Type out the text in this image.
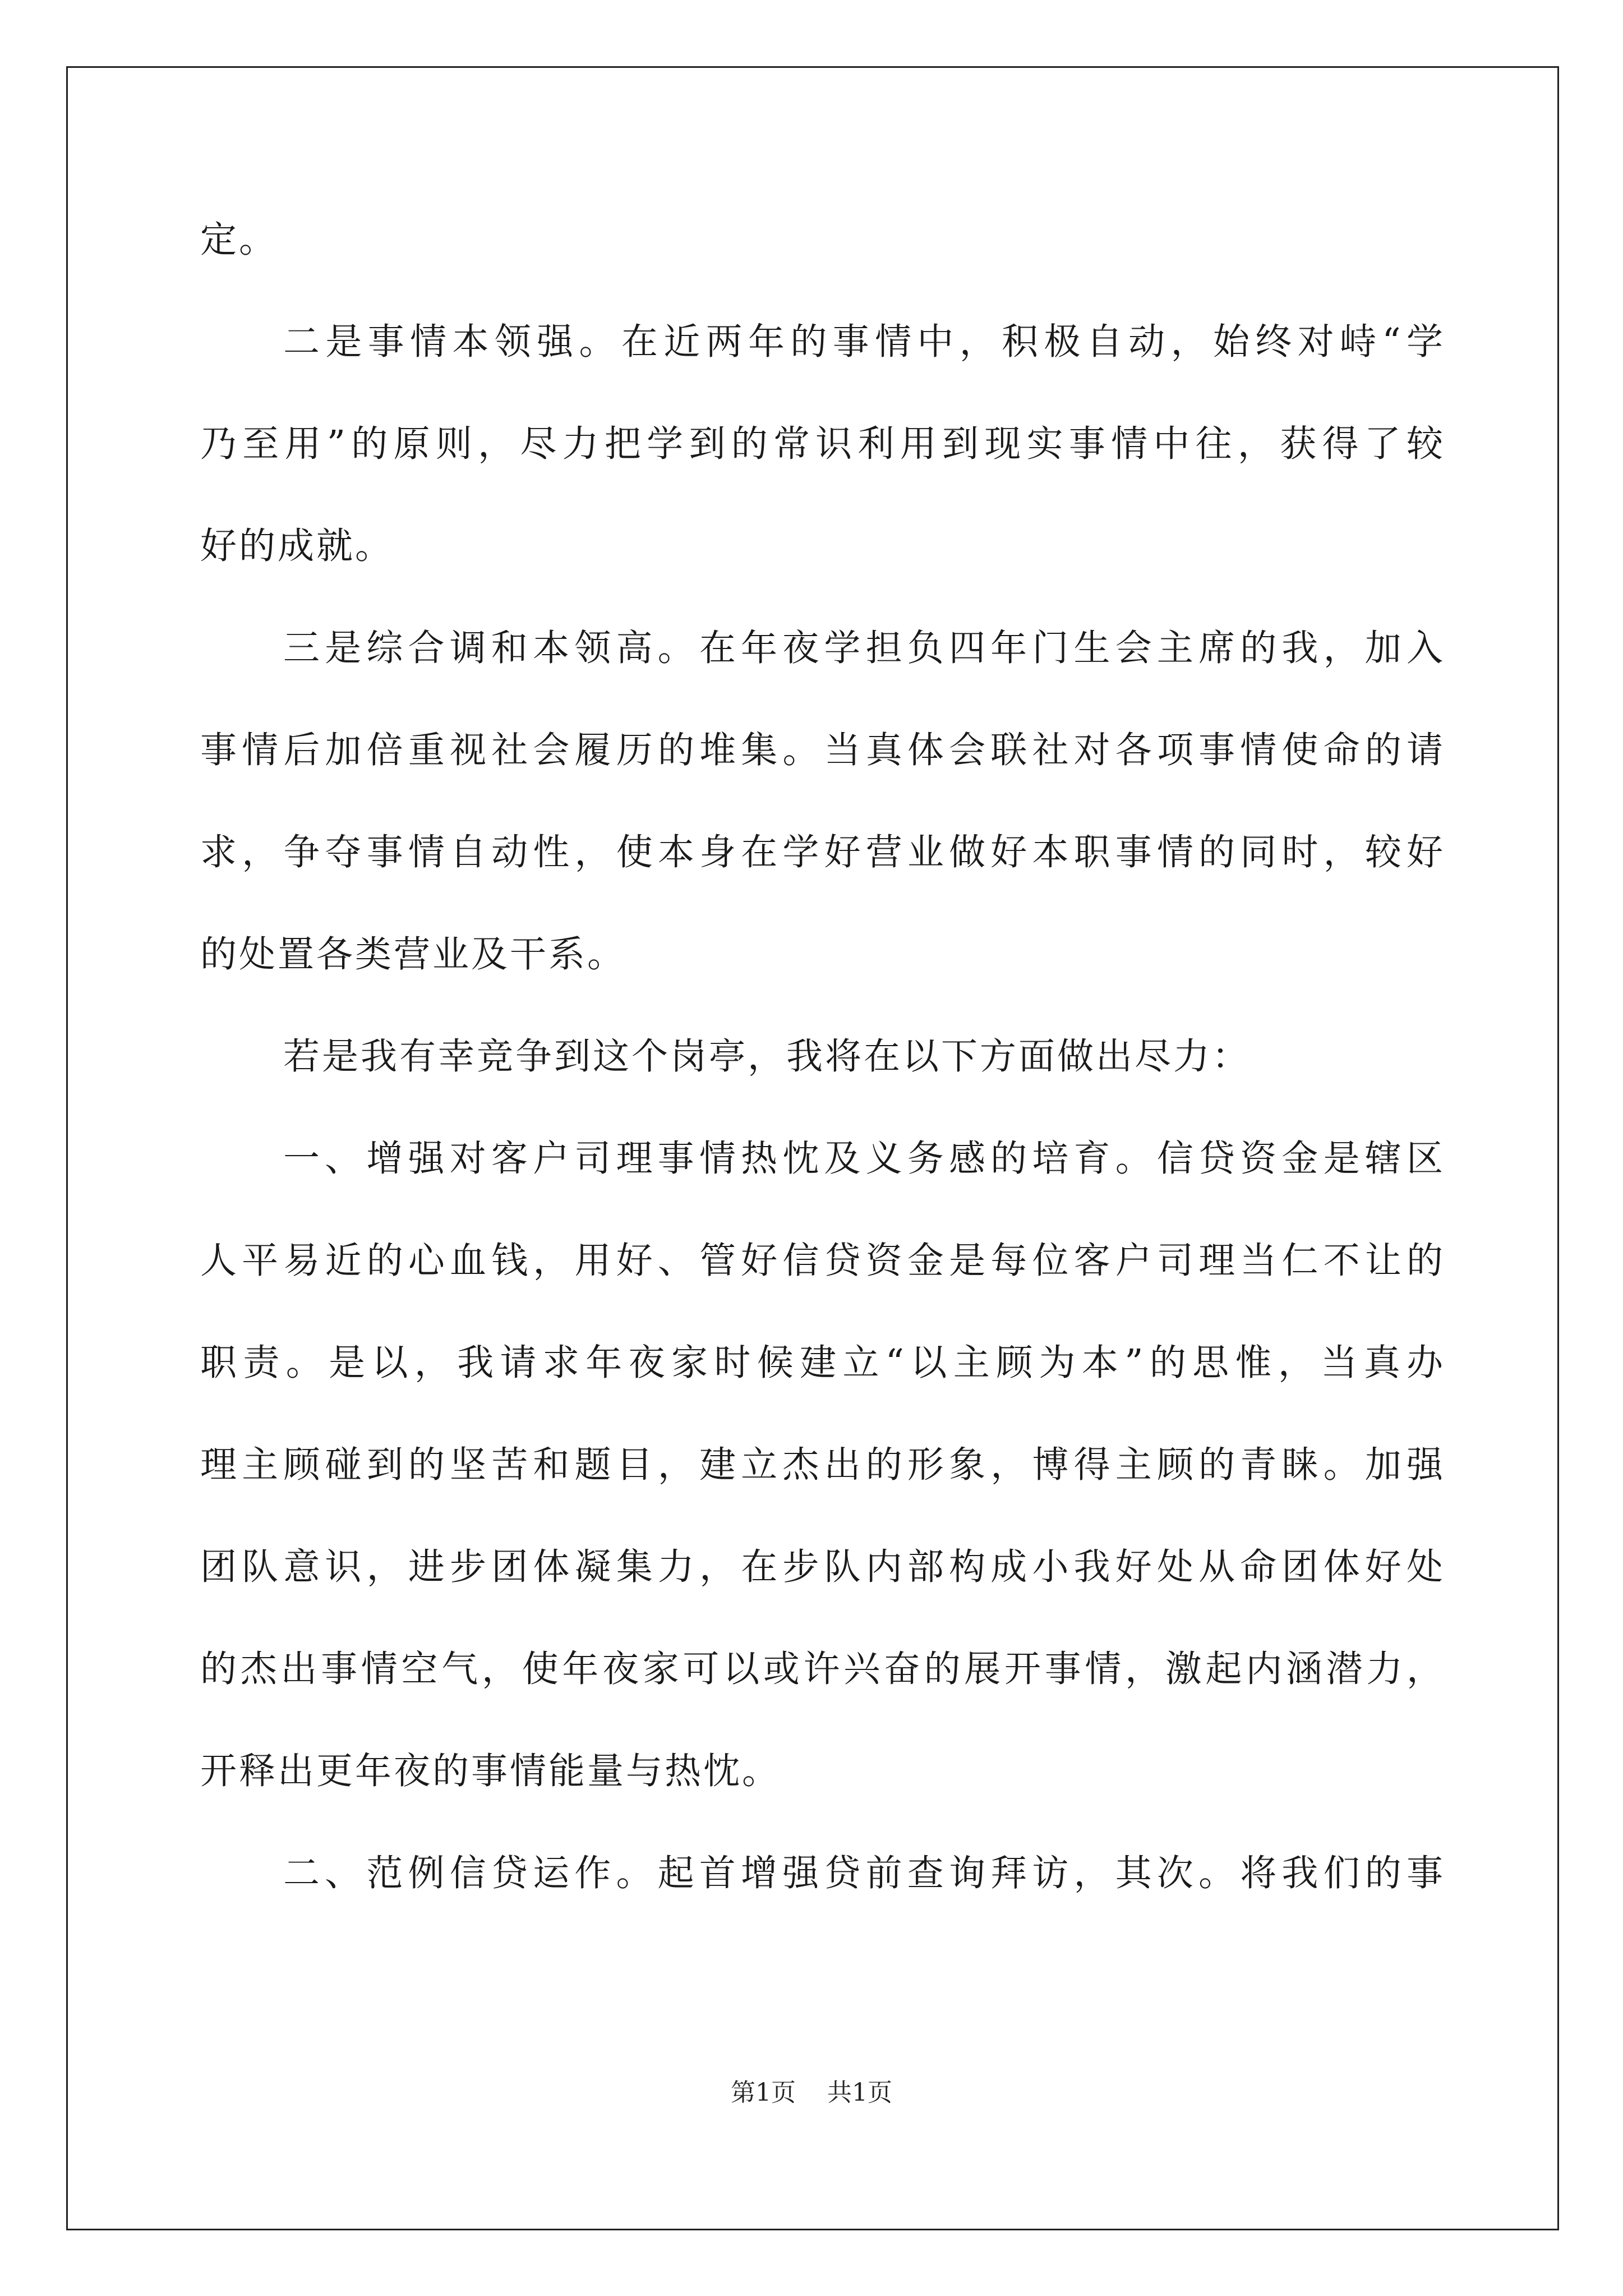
定。
二是事情本领强。在近两年的事情中，积极自动，始终对峙“学
乃至用”的原则，尽力把学到的常识利用到现实事情中往，获得了较
好的成就。
三是综合调和本领高。在年夜学担负四年门生会主席的我，加入
事情后加倍重视社会履历的堆集。当真体会联社对各项事情使命的请
求，争夺事情自动性，使本身在学好营业做好本职事情的同时，较好
的处置各类营业及干系。
若是我有幸竞争到这个岗亭，我将在以下方面做出尽力：
一、增强对客户司理事情热忱及义务感的培育。信贷资金是辖区
人平易近的心血钱，用好、管好信贷资金是每位客户司理当仁不让的
职责。是以，我请求年夜家时候建立“以主顾为本”的思惟，当真办
理主顾碰到的坚苦和题目，建立杰出的形象，博得主顾的青睐。加强
团队意识，进步团体凝集力，在步队内部构成小我好处从命团体好处
的杰出事情空气，使年夜家可以或许兴奋的展开事情，激起内涵潜力，
开释出更年夜的事情能量与热忱。
二、范例信贷运作。起首增强贷前查询拜访，其次。将我们的事
第1页 共1页
